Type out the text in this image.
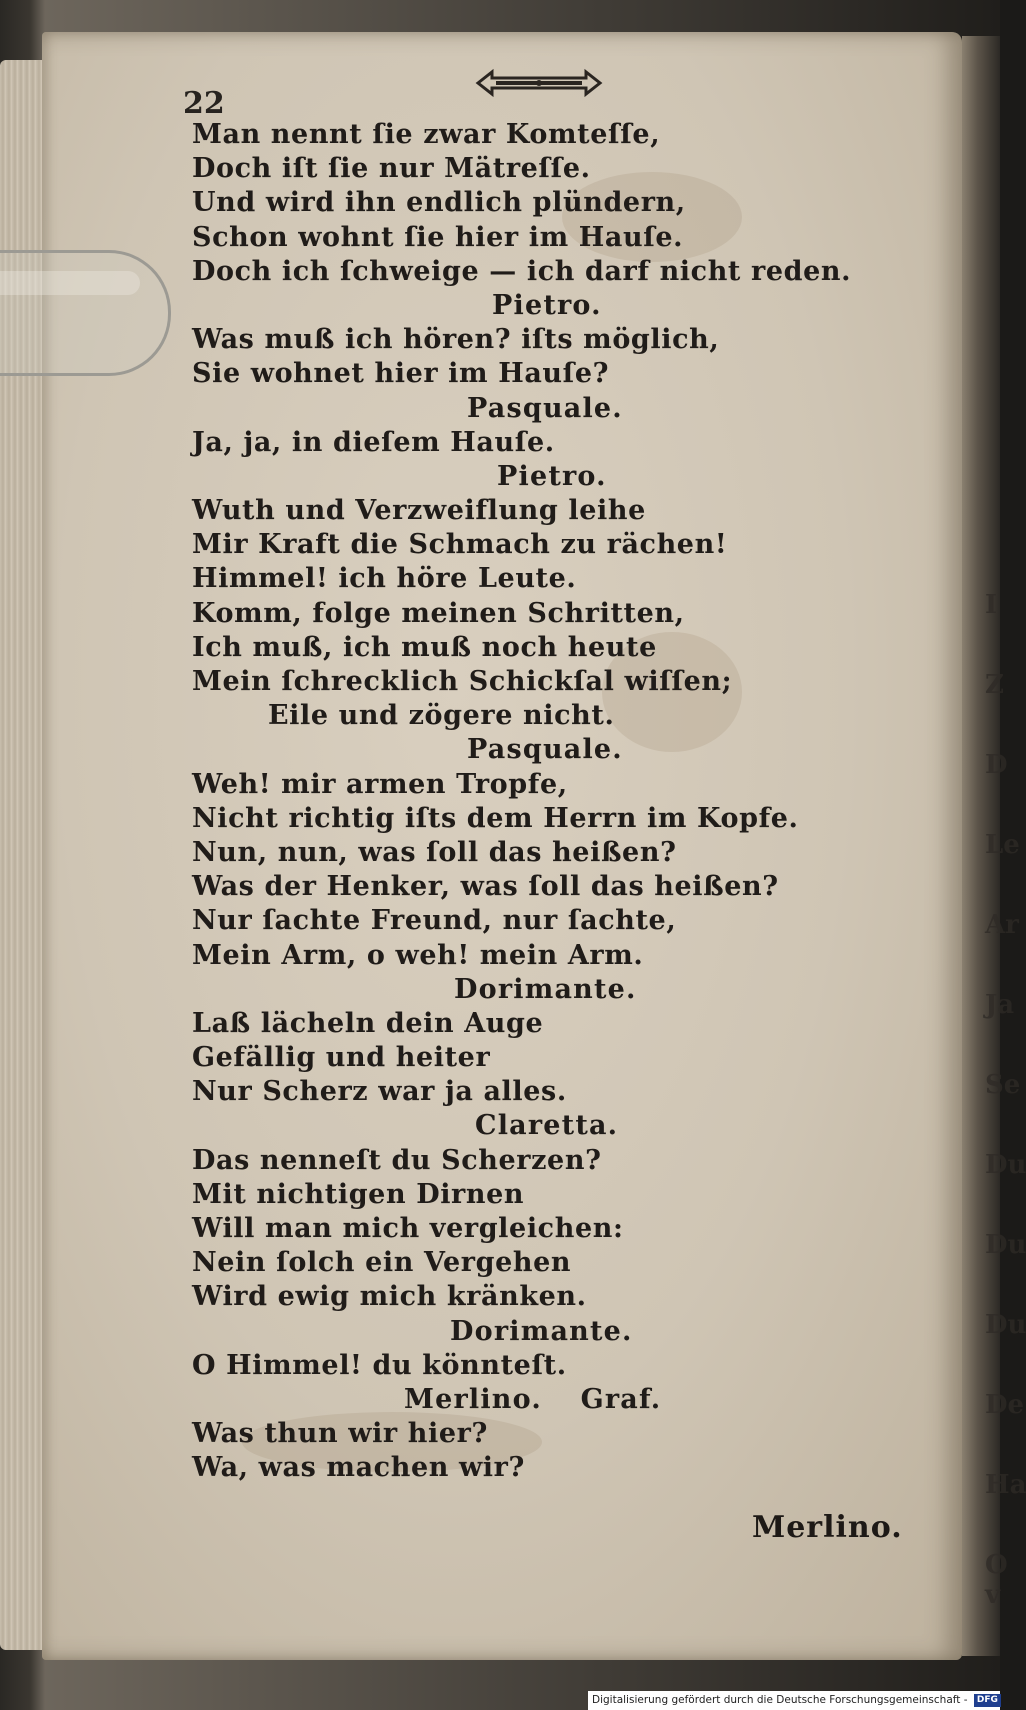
I
Z
D
Le
Ar
Ja
Se
Du
Du
Du
De
Ha
O v
22
Man nennt ſie zwar Komteſſe,
Doch iſt ſie nur Mätreſſe.
Und wird ihn endlich plündern,
Schon wohnt ſie hier im Hauſe.
Doch ich ſchweige — ich darf nicht reden.
Pietro.
Was muß ich hören? iſts möglich,
Sie wohnet hier im Hauſe?
Pasquale.
Ja, ja, in dieſem Hauſe.
Pietro.
Wuth und Verzweiflung leihe
Mir Kraft die Schmach zu rächen!
Himmel! ich höre Leute.
Komm, folge meinen Schritten,
Ich muß, ich muß noch heute
Mein ſchrecklich Schickſal wiſſen;
Eile und zögere nicht.
Pasquale.
Weh! mir armen Tropfe,
Nicht richtig iſts dem Herrn im Kopfe.
Nun, nun, was ſoll das heißen?
Was der Henker, was ſoll das heißen?
Nur ſachte Freund, nur ſachte,
Mein Arm, o weh! mein Arm.
Dorimante.
Laß lächeln dein Auge
Gefällig und heiter
Nur Scherz war ja alles.
Claretta.
Das nenneſt du Scherzen?
Mit nichtigen Dirnen
Will man mich vergleichen:
Nein ſolch ein Vergehen
Wird ewig mich kränken.
Dorimante.
O Himmel! du könnteſt.
Merlino. Graf.
Was thun wir hier?
Wa, was machen wir?
Merlino.
Digitalisierung gefördert durch die Deutsche Forschungsgemeinschaft - DFG
